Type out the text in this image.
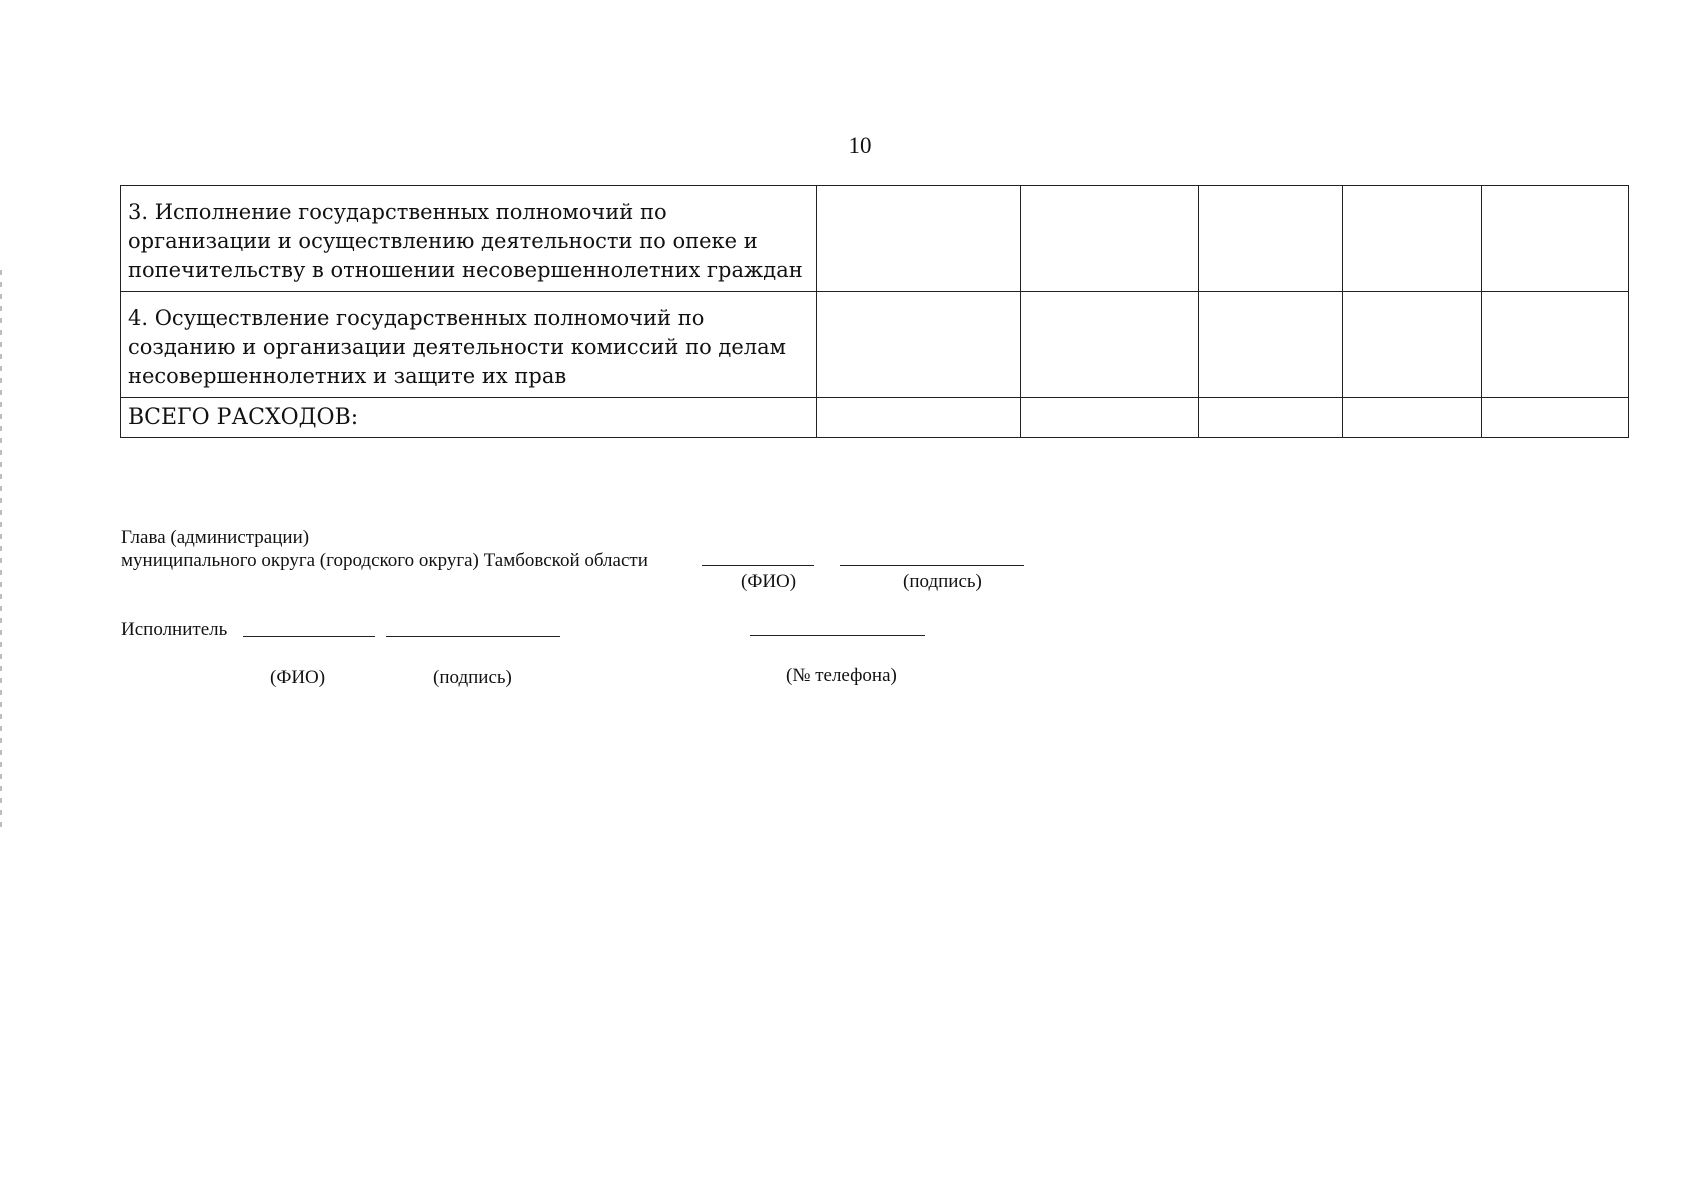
10
3. Исполнение государственных полномочий по организации и осуществлению деятельности по опеке и попечительству в отношении несовершеннолетних граждан					
4. Осуществление государственных полномочий по созданию и организации деятельности комиссий по делам несовершеннолетних и защите их прав					
ВСЕГО РАСХОДОВ:					
Глава (администрации)
муниципального округа (городского округа) Тамбовской области
(ФИО)	(подпись)
Исполнитель
(ФИО)	(подпись)	(№ телефона)
